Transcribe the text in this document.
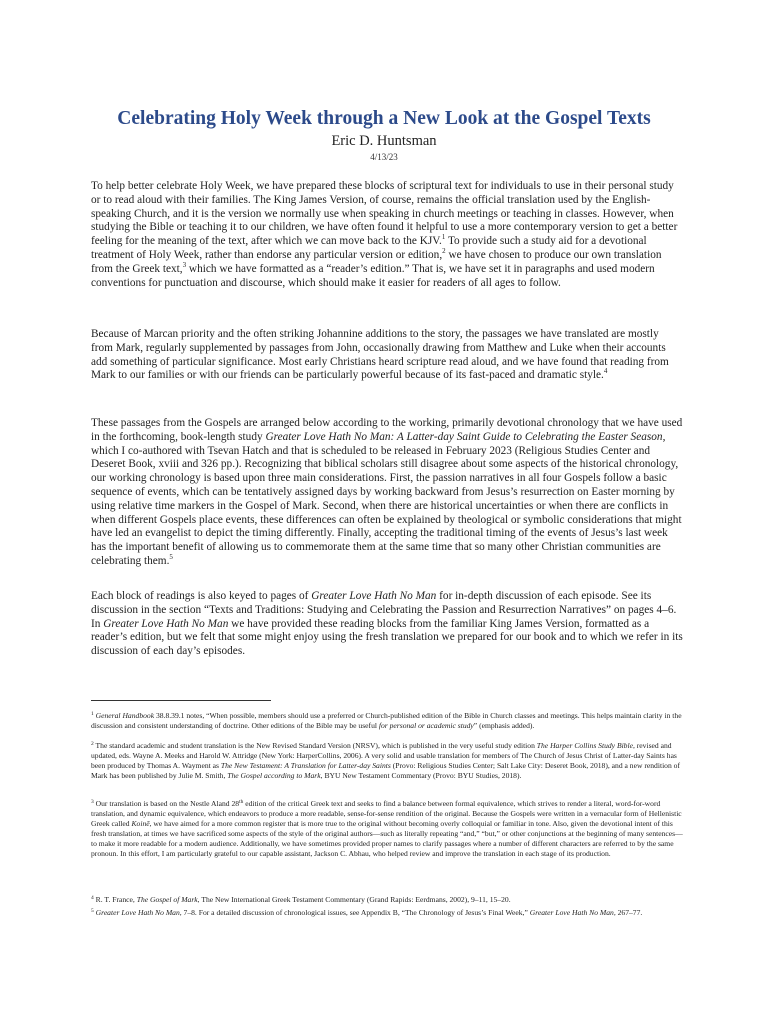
Celebrating Holy Week through a New Look at the Gospel Texts
Eric D. Huntsman
4/13/23

To help better celebrate Holy Week, we have prepared these blocks of scriptural text for individuals to use in their personal study or to read aloud with their families. The King James Version, of course, remains the official translation used by the English-speaking Church, and it is the version we normally use when speaking in church meetings or teaching in classes. However, when studying the Bible or teaching it to our children, we have often found it helpful to use a more contemporary version to get a better feeling for the meaning of the text, after which we can move back to the KJV.$^1$ To provide such a study aid for a devotional treatment of Holy Week, rather than endorse any particular version or edition,$^2$ we have chosen to produce our own translation from the Greek text,$^3$ which we have formatted as a “reader’s edition.” That is, we have set it in paragraphs and used modern conventions for punctuation and discourse, which should make it easier for readers of all ages to follow.

Because of Marcan priority and the often striking Johannine additions to the story, the passages we have translated are mostly from Mark, regularly supplemented by passages from John, occasionally drawing from Matthew and Luke when their accounts add something of particular significance. Most early Christians heard scripture read aloud, and we have found that reading from Mark to our families or with our friends can be particularly powerful because of its fast-paced and dramatic style.$^4$

These passages from the Gospels are arranged below according to the working, primarily devotional chronology that we have used in the forthcoming, book-length study Greater Love Hath No Man: A Latter-day Saint Guide to Celebrating the Easter Season, which I co-authored with Tsevan Hatch and that is scheduled to be released in February 2023 (Religious Studies Center and Deseret Book, xviii and 326 pp.). Recognizing that biblical scholars still disagree about some aspects of the historical chronology, our working chronology is based upon three main considerations. First, the passion narratives in all four Gospels follow a basic sequence of events, which can be tentatively assigned days by working backward from Jesus’s resurrection on Easter morning by using relative time markers in the Gospel of Mark. Second, when there are historical uncertainties or when there are conflicts in when different Gospels place events, these differences can often be explained by theological or symbolic considerations that might have led an evangelist to depict the timing differently. Finally, accepting the traditional timing of the events of Jesus’s last week has the important benefit of allowing us to commemorate them at the same time that so many other Christian communities are celebrating them.$^5$

Each block of readings is also keyed to pages of Greater Love Hath No Man for in-depth discussion of each episode. See its discussion in the section “Texts and Traditions: Studying and Celebrating the Passion and Resurrection Narratives” on pages 4–6. In Greater Love Hath No Man we have provided these reading blocks from the familiar King James Version, formatted as a reader’s edition, but we felt that some might enjoy using the fresh translation we prepared for our book and to which we refer in its discussion of each day’s episodes.

$^1$ General Handbook 38.8.39.1 notes, “When possible, members should use a preferred or Church-published edition of the Bible in Church classes and meetings. This helps maintain clarity in the discussion and consistent understanding of doctrine. Other editions of the Bible may be useful for personal or academic study” (emphasis added).

$^2$ The standard academic and student translation is the New Revised Standard Version (NRSV), which is published in the very useful study edition The Harper Collins Study Bible, revised and updated, eds. Wayne A. Meeks and Harold W. Attridge (New York: HarperCollins, 2006). A very solid and usable translation for members of The Church of Jesus Christ of Latter-day Saints has been produced by Thomas A. Wayment as The New Testament: A Translation for Latter-day Saints (Provo: Religious Studies Center; Salt Lake City: Deseret Book, 2018), and a new rendition of Mark has been published by Julie M. Smith, The Gospel according to Mark, BYU New Testament Commentary (Provo: BYU Studies, 2018).

$^3$ Our translation is based on the Nestle Aland 28th edition of the critical Greek text and seeks to find a balance between formal equivalence, which strives to render a literal, word-for-word translation, and dynamic equivalence, which endeavors to produce a more readable, sense-for-sense rendition of the original. Because the Gospels were written in a vernacular form of Hellenistic Greek called Koinē, we have aimed for a more common register that is more true to the original without becoming overly colloquial or familiar in tone. Also, given the devotional intent of this fresh translation, at times we have sacrificed some aspects of the style of the original authors—such as literally repeating “and,” “but,” or other conjunctions at the beginning of many sentences—to make it more readable for a modern audience. Additionally, we have sometimes provided proper names to clarify passages where a number of different characters are referred to by the same pronoun. In this effort, I am particularly grateful to our capable assistant, Jackson C. Abhau, who helped review and improve the translation in each stage of its production.

$^4$ R. T. France, The Gospel of Mark, The New International Greek Testament Commentary (Grand Rapids: Eerdmans, 2002), 9–11, 15–20.

$^5$ Greater Love Hath No Man, 7–8. For a detailed discussion of chronological issues, see Appendix B, “The Chronology of Jesus’s Final Week,” Greater Love Hath No Man, 267–77.
